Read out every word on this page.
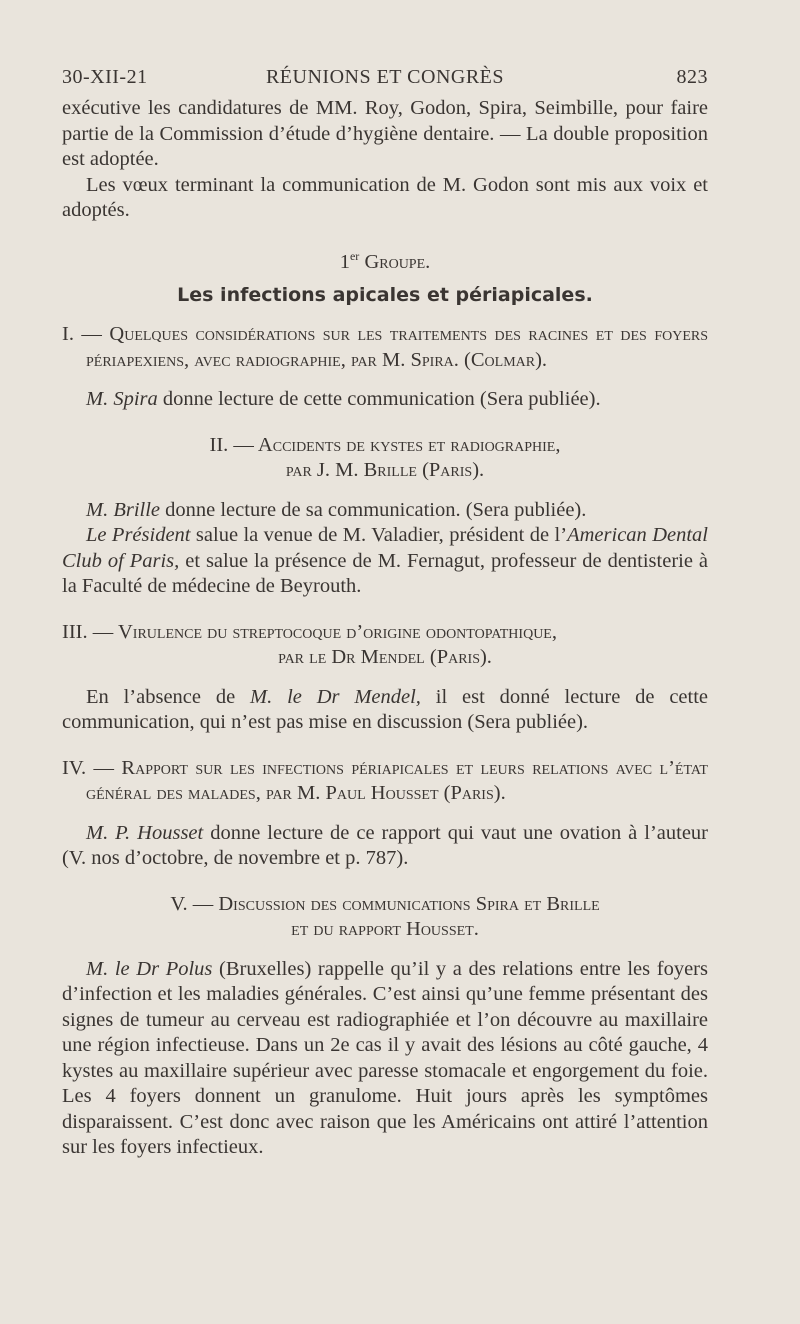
30-XII-21	RÉUNIONS ET CONGRÈS	823

exécutive les candidatures de MM. Roy, Godon, Spira, Seimbille, pour faire partie de la Commission d’étude d’hygiène dentaire. — La double proposition est adoptée.

Les vœux terminant la communication de M. Godon sont mis aux voix et adoptés.

1er Groupe.

Les infections apicales et périapicales.

I. — Quelques considérations sur les traitements des racines et des foyers périapexiens, avec radiographie, par M. Spira. (Colmar).

M. Spira donne lecture de cette communication (Sera publiée).

II. — Accidents de kystes et radiographie,

par J. M. Brille (Paris).

M. Brille donne lecture de sa communication. (Sera publiée).

Le Président salue la venue de M. Valadier, président de l’American Dental Club of Paris, et salue la présence de M. Fernagut, professeur de dentisterie à la Faculté de médecine de Beyrouth.

III. — Virulence du streptocoque d’origine odontopathique,

par le Dr Mendel (Paris).

En l’absence de M. le Dr Mendel, il est donné lecture de cette communication, qui n’est pas mise en discussion (Sera publiée).

IV. — Rapport sur les infections périapicales et leurs relations avec l’état général des malades, par M. Paul Housset (Paris).

M. P. Housset donne lecture de ce rapport qui vaut une ovation à l’auteur (V. nos d’octobre, de novembre et p. 787).

V. — Discussion des communications Spira et Brille

et du rapport Housset.

M. le Dr Polus (Bruxelles) rappelle qu’il y a des relations entre les foyers d’infection et les maladies générales. C’est ainsi qu’une femme présentant des signes de tumeur au cerveau est radiographiée et l’on découvre au maxillaire une région infectieuse. Dans un 2e cas il y avait des lésions au côté gauche, 4 kystes au maxillaire supérieur avec paresse stomacale et engorgement du foie. Les 4 foyers donnent un granulome. Huit jours après les symptômes disparaissent. C’est donc avec raison que les Américains ont attiré l’attention sur les foyers infectieux.
